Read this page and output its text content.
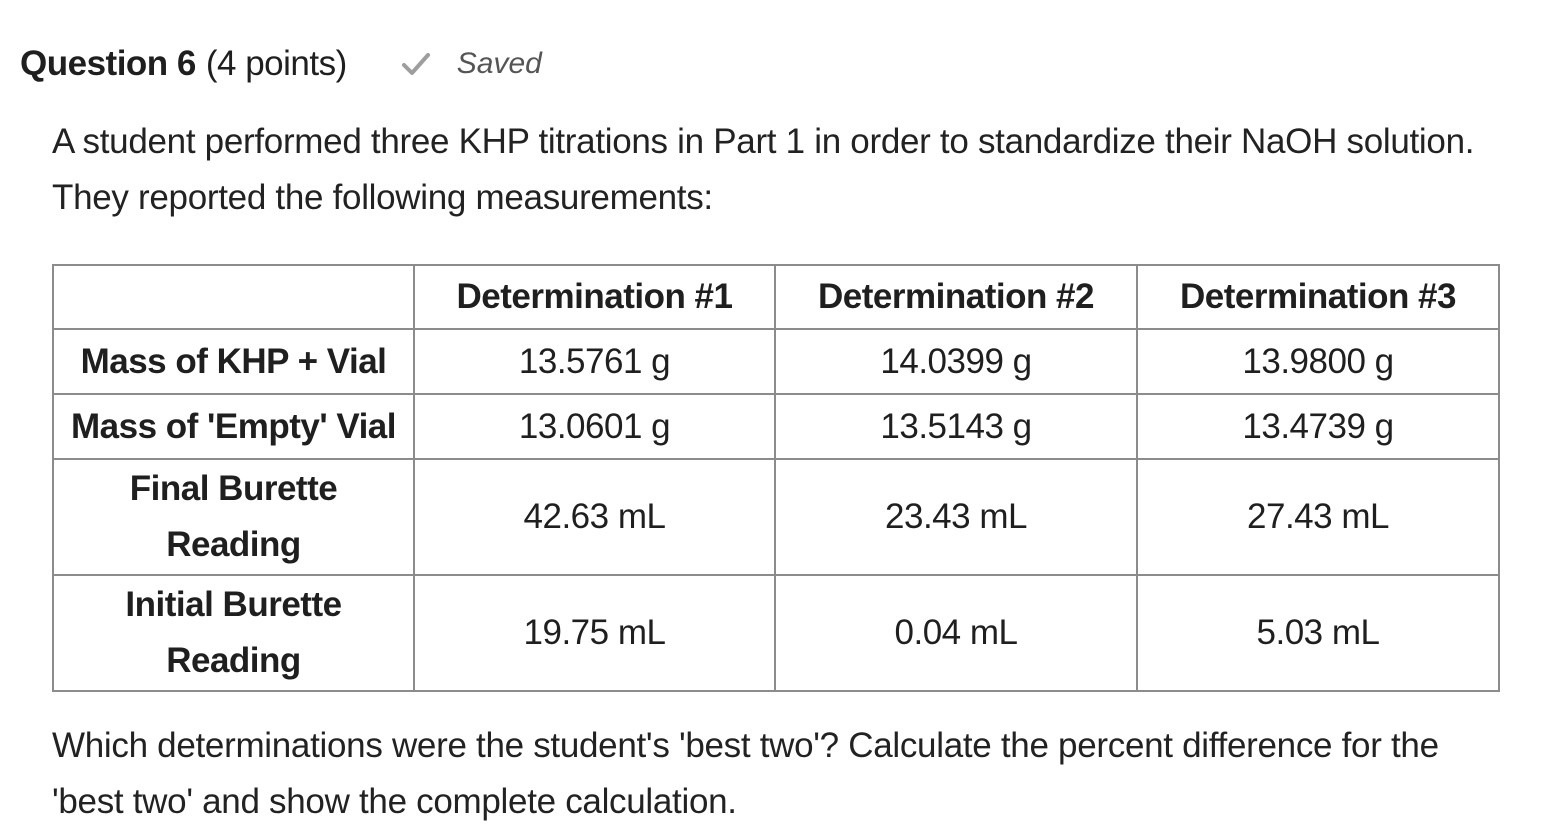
Question 6 (4 points)	Saved

A student performed three KHP titrations in Part 1 in order to standardize their NaOH solution. They reported the following measurements:

	Determination #1	Determination #2	Determination #3
Mass of KHP + Vial	13.5761 g	14.0399 g	13.9800 g
Mass of 'Empty' Vial	13.0601 g	13.5143 g	13.4739 g
Final Burette Reading	42.63 mL	23.43 mL	27.43 mL
Initial Burette Reading	19.75 mL	0.04 mL	5.03 mL

Which determinations were the student's 'best two'? Calculate the percent difference for the 'best two' and show the complete calculation.
